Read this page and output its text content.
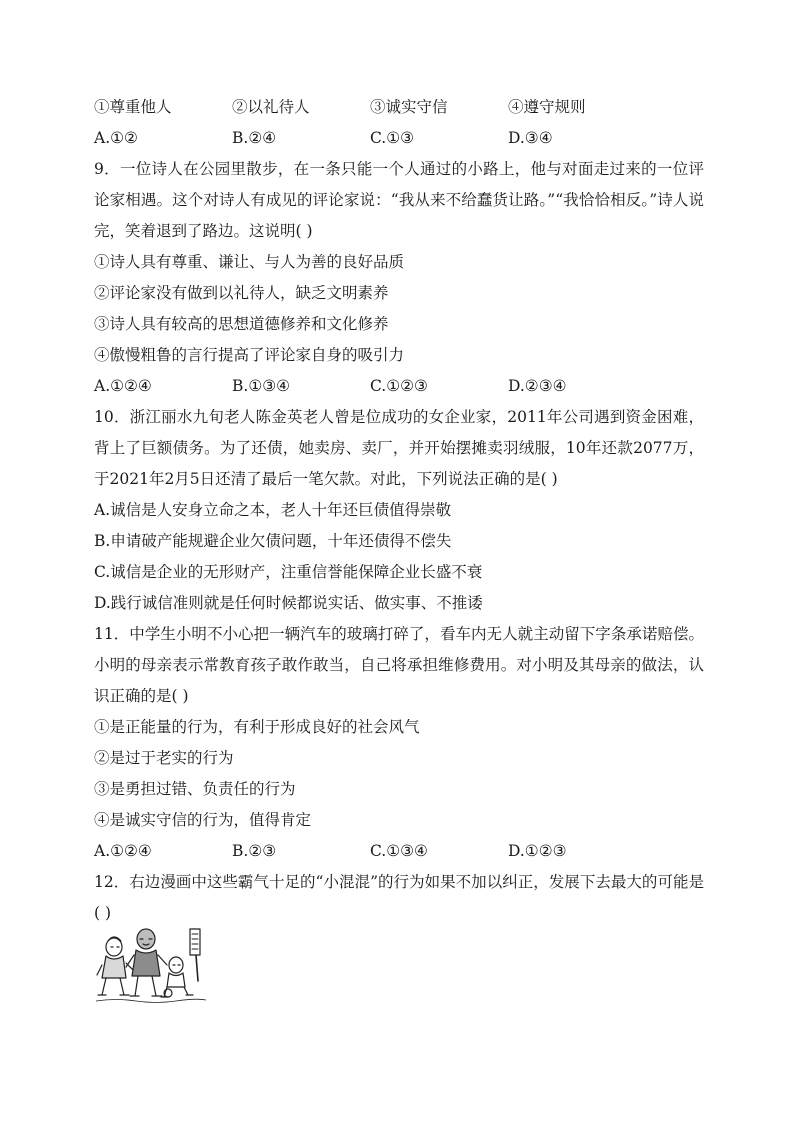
①尊重他人	②以礼待人	③诚实守信	④遵守规则
A.①②	B.②④	C.①③	D.③④
9．一位诗人在公园里散步，在一条只能一个人通过的小路上，他与对面走过来的一位评论家相遇。这个对诗人有成见的评论家说：“我从来不给蠢货让路。”“我恰恰相反。”诗人说完，笑着退到了路边。这说明( )
①诗人具有尊重、谦让、与人为善的良好品质
②评论家没有做到以礼待人，缺乏文明素养
③诗人具有较高的思想道德修养和文化修养
④傲慢粗鲁的言行提高了评论家自身的吸引力
A.①②④	B.①③④	C.①②③	D.②③④
10．浙江丽水九旬老人陈金英老人曾是位成功的女企业家，2011年公司遇到资金困难，背上了巨额债务。为了还债，她卖房、卖厂，并开始摆摊卖羽绒服，10年还款2077万，于2021年2月5日还清了最后一笔欠款。对此，下列说法正确的是( )
A.诚信是人安身立命之本，老人十年还巨债值得崇敬
B.申请破产能规避企业欠债问题，十年还债得不偿失
C.诚信是企业的无形财产，注重信誉能保障企业长盛不衰
D.践行诚信准则就是任何时候都说实话、做实事、不推诿
11．中学生小明不小心把一辆汽车的玻璃打碎了，看车内无人就主动留下字条承诺赔偿。小明的母亲表示常教育孩子敢作敢当，自己将承担维修费用。对小明及其母亲的做法，认识正确的是( )
①是正能量的行为，有利于形成良好的社会风气
②是过于老实的行为
③是勇担过错、负责任的行为
④是诚实守信的行为，值得肯定
A.①②④	B.②③	C.①③④	D.①②③
12．右边漫画中这些霸气十足的“小混混”的行为如果不加以纠正，发展下去最大的可能是( )
